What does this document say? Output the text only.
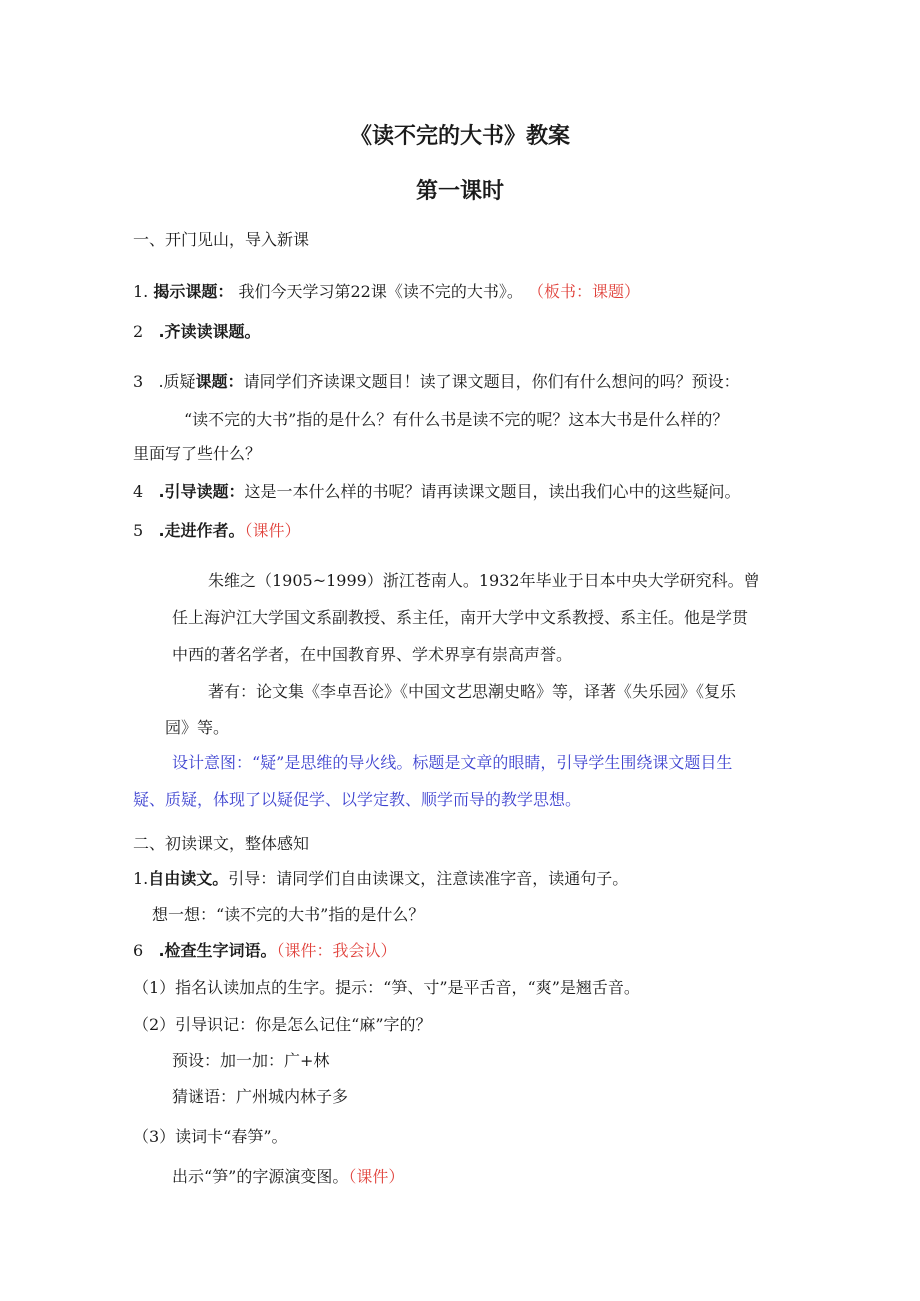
《读不完的大书》教案
第一课时
一、开门见山，导入新课
1. 揭示课题： 我们今天学习第22课《读不完的大书》。 （板书：课题）
2 .齐读读课题。
3 .质疑课题：请同学们齐读课文题目！读了课文题目，你们有什么想问的吗？预设：
“读不完的大书”指的是什么？有什么书是读不完的呢？这本大书是什么样的？
里面写了些什么？
4 .引导读题：这是一本什么样的书呢？请再读课文题目，读出我们心中的这些疑问。
5 .走进作者。（课件）
朱维之（1905~1999）浙江苍南人。1932年毕业于日本中央大学研究科。曾
任上海沪江大学国文系副教授、系主任，南开大学中文系教授、系主任。他是学贯
中西的著名学者，在中国教育界、学术界享有崇高声誉。
著有：论文集《李卓吾论》《中国文艺思潮史略》等，译著《失乐园》《复乐
园》等。
设计意图：“疑”是思维的导火线。标题是文章的眼睛，引导学生围绕课文题目生
疑、质疑，体现了以疑促学、以学定教、顺学而导的教学思想。
二、初读课文，整体感知
1.自由读文。引导：请同学们自由读课文，注意读准字音，读通句子。
想一想：“读不完的大书”指的是什么？
6 .检查生字词语。（课件：我会认）
（1）指名认读加点的生字。提示：“笋、寸”是平舌音，“爽”是翘舌音。
（2）引导识记：你是怎么记住“麻”字的？
预设：加一加：广+林
猜谜语：广州城内林子多
（3）读词卡“春笋”。
出示“笋”的字源演变图。（课件）
